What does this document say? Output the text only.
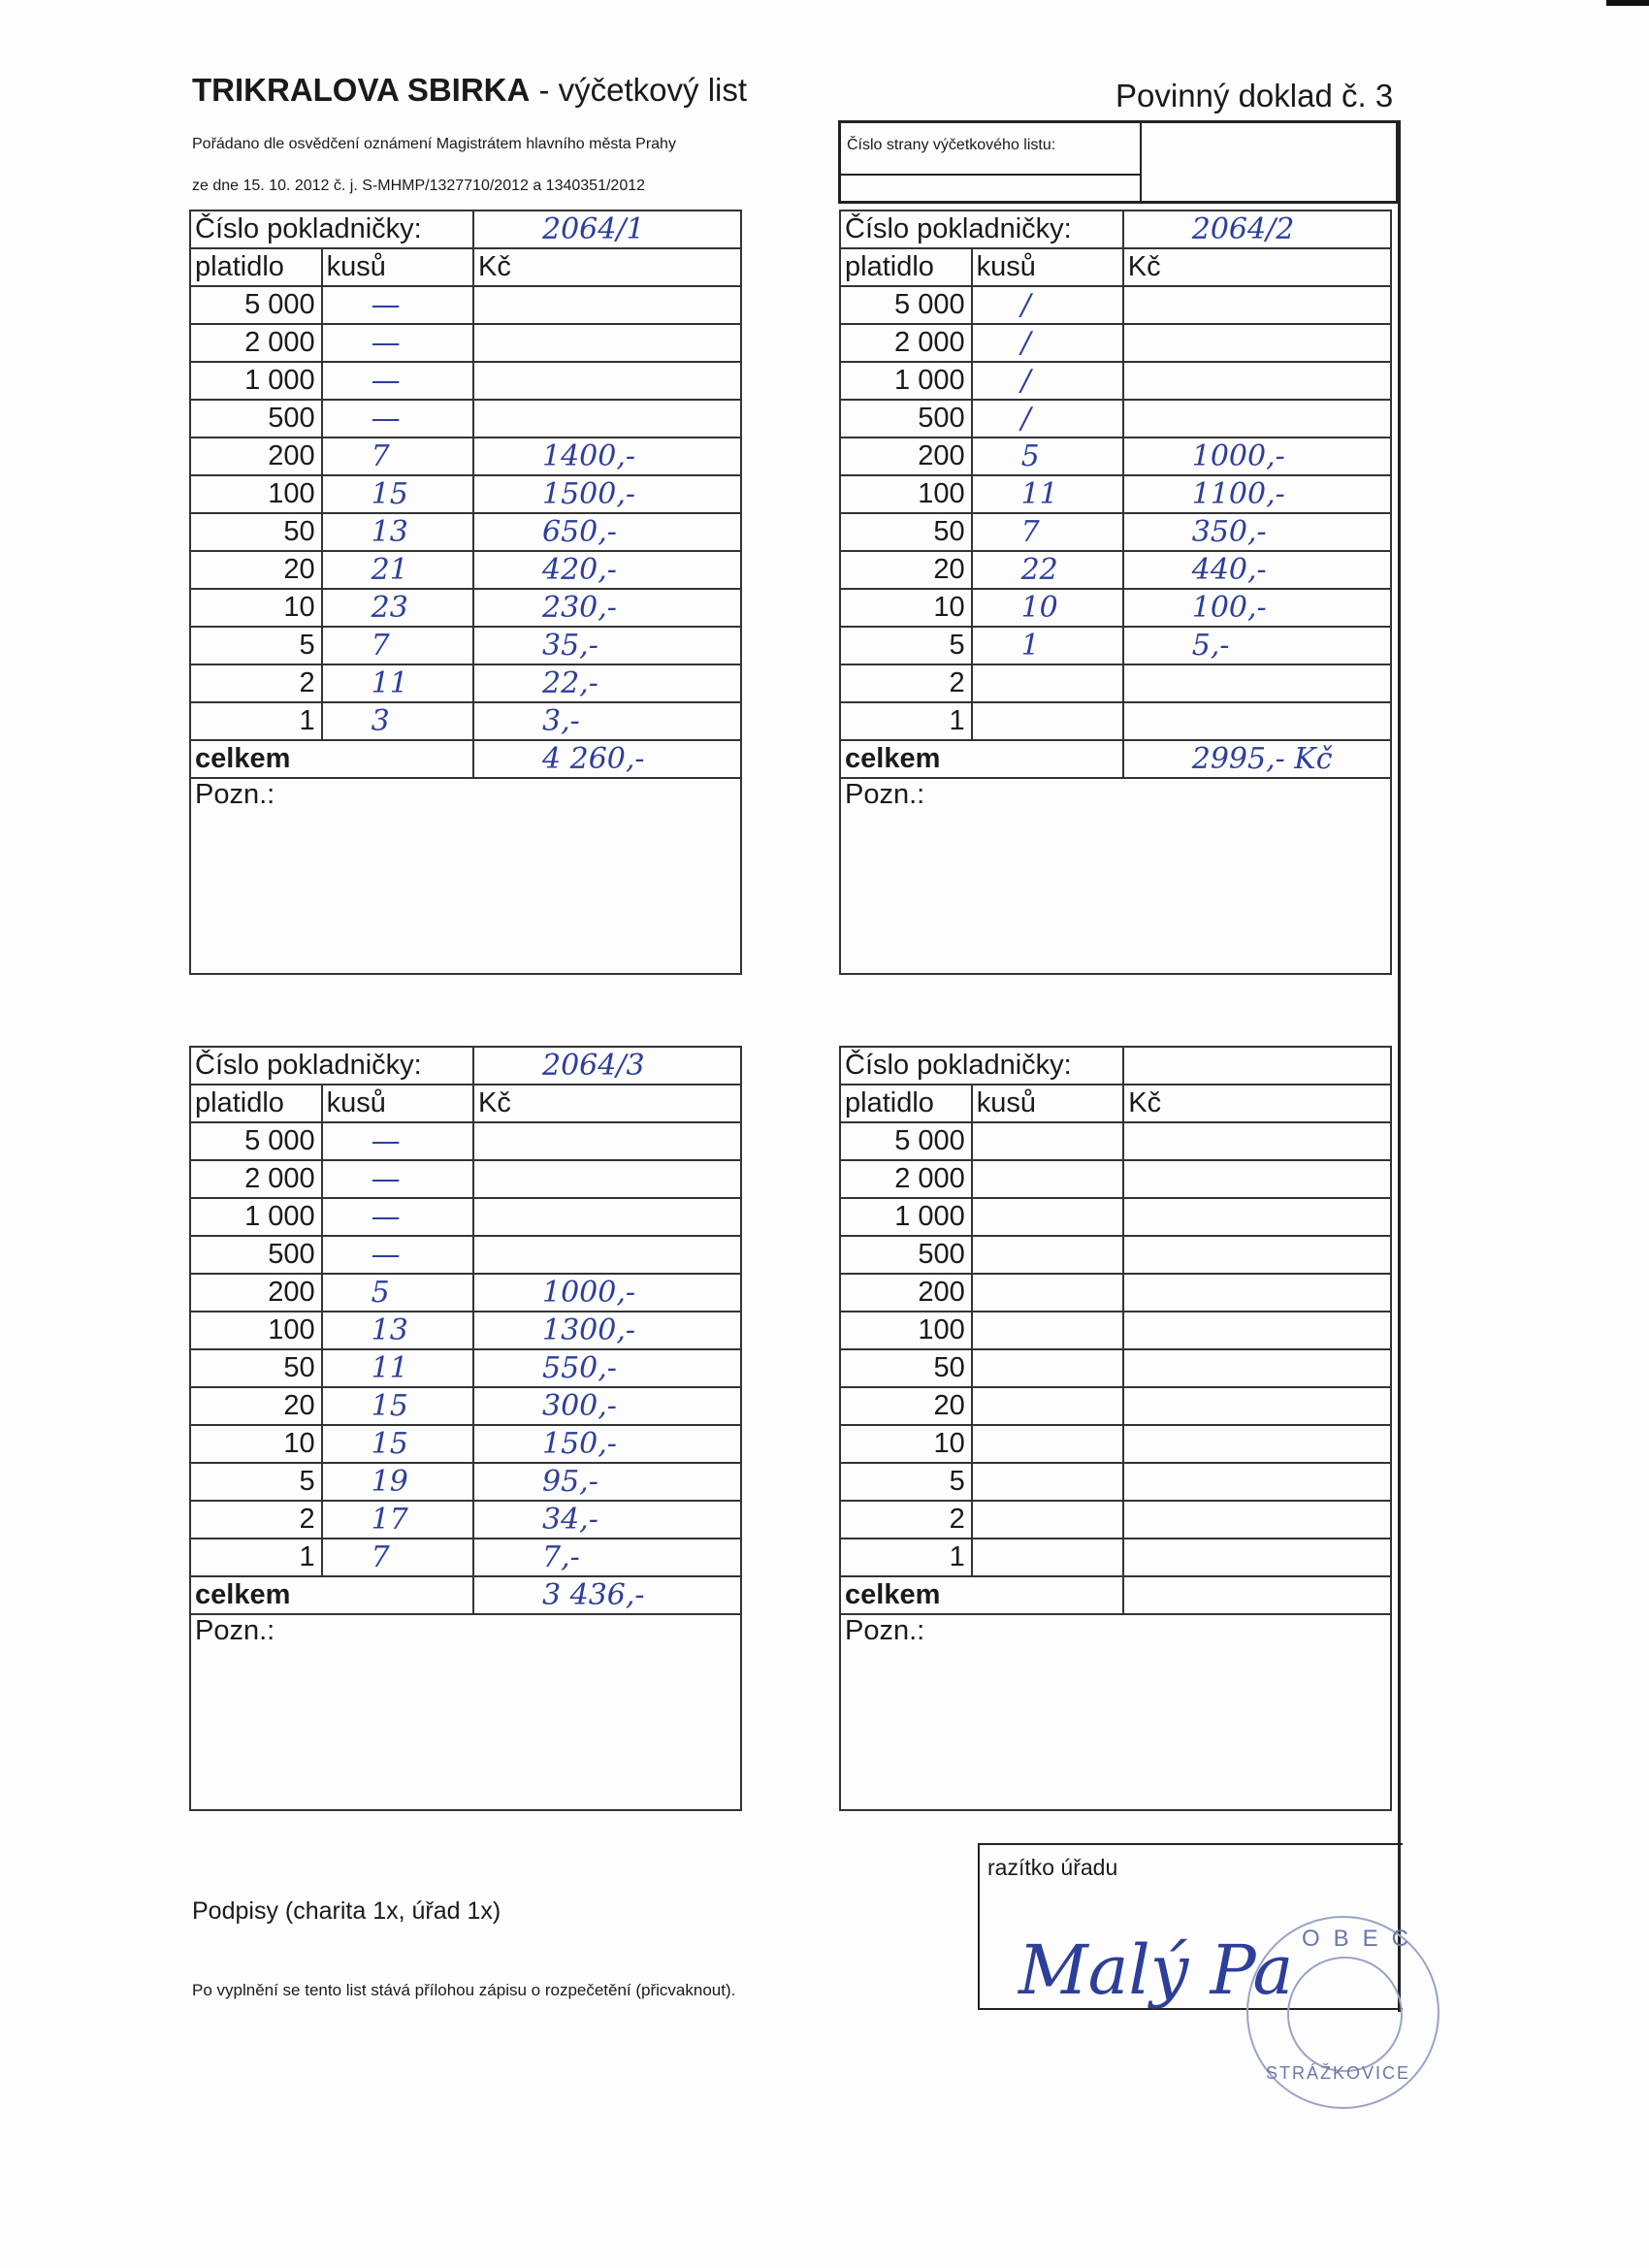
TRIKRALOVA SBIRKA - výčetkový list	Povinný doklad č. 3
Pořádano dle osvědčení oznámení Magistrátem hlavního města Prahy
ze dne 15. 10. 2012 č. j. S-MHMP/1327710/2012 a 1340351/2012
Číslo strany výčetkového listu:
Číslo pokladničky:		2064/1
platidlo	kusů	Kč
5 000	—	
2 000	—	
1 000	—	
500	—	
200	7	1400,-
100	15	1500,-
50	13	650,-
20	21	420,-
10	23	230,-
5	7	35,-
2	11	22,-
1	3	3,-
celkem		4 260,-
Pozn.:		
Číslo pokladničky:		2064/2
platidlo	kusů	Kč
5 000	/	
2 000	/	
1 000	/	
500	/	
200	5	1000,-
100	11	1100,-
50	7	350,-
20	22	440,-
10	10	100,-
5	1	5,-
2		
1		
celkem		2995,- Kč
Pozn.:		
Číslo pokladničky:		2064/3
platidlo	kusů	Kč
5 000	—	
2 000	—	
1 000	—	
500	—	
200	5	1000,-
100	13	1300,-
50	11	550,-
20	15	300,-
10	15	150,-
5	19	95,-
2	17	34,-
1	7	7,-
celkem		3 436,-
Pozn.:		
Číslo pokladničky:		
platidlo	kusů	Kč
5 000		
2 000		
1 000		
500		
200		
100		
50		
20		
10		
5		
2		
1		
celkem		
Pozn.:		
Podpisy (charita 1x, úřad 1x)
Po vyplnění se tento list stává přílohou zápisu o rozpečetění (přicvaknout).
razítko úřadu
Malý Pa OBEC
STRÁŽKOVICE
